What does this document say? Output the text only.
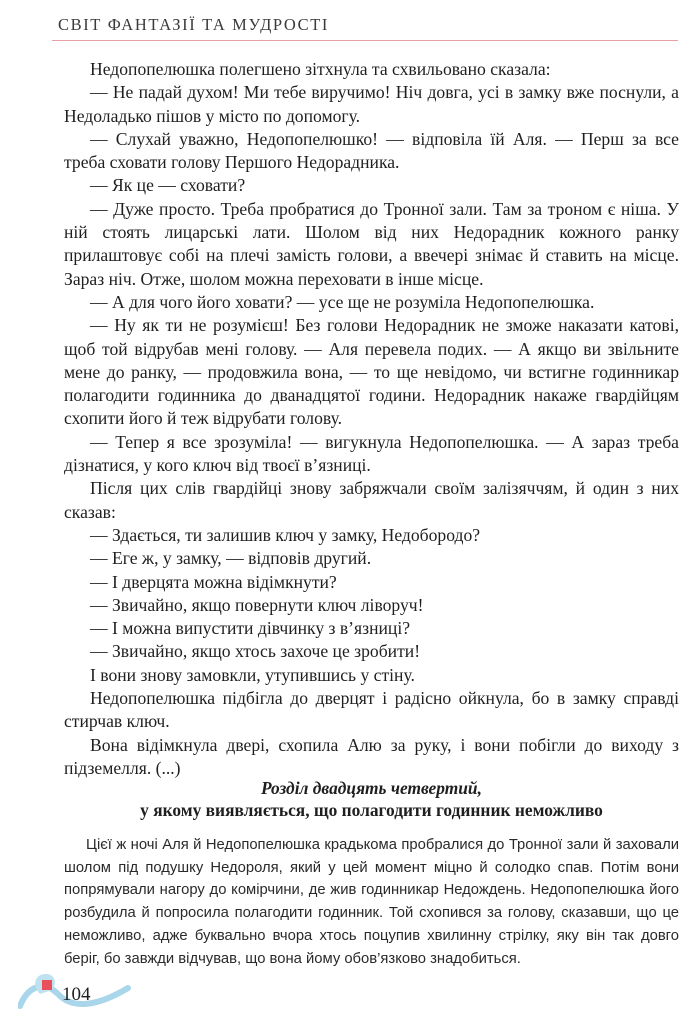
СВІТ ФАНТАЗІЇ ТА МУДРОСТІ

Недопопелюшка полегшено зітхнула та схвильовано сказала:

— Не падай духом! Ми тебе виручимо! Ніч довга, усі в замку вже поснули, а Недоладько пішов у місто по допомогу.

— Слухай уважно, Недопопелюшко! — відповіла їй Аля. — Перш за все треба сховати голову Першого Недорадника.

— Як це — сховати?

— Дуже просто. Треба пробратися до Тронної зали. Там за троном є ніша. У ній стоять лицарські лати. Шолом від них Недорадник кожного ранку прилаштовує собі на плечі замість голови, а ввечері знімає й ставить на місце. Зараз ніч. Отже, шолом можна переховати в інше місце.

— А для чого його ховати? — усе ще не розуміла Недопопелюшка.

— Ну як ти не розумієш! Без голови Недорадник не зможе наказати катові, щоб той відрубав мені голову. — Аля перевела подих. — А якщо ви звільните мене до ранку, — продовжила вона, — то ще невідомо, чи встигне годинникар полагодити годинника до дванадцятої години. Недорадник накаже гвардійцям схопити його й теж відрубати голову.

— Тепер я все зрозуміла! — вигукнула Недопопелюшка. — А зараз треба дізнатися, у кого ключ від твоєї в’язниці.

Після цих слів гвардійці знову забряжчали своїм залізяччям, й один з них сказав:

— Здається, ти залишив ключ у замку, Недобородо?

— Еге ж, у замку, — відповів другий.

— І дверцята можна відімкнути?

— Звичайно, якщо повернути ключ ліворуч!

— І можна випустити дівчинку з в’язниці?

— Звичайно, якщо хтось захоче це зробити!

І вони знову замовкли, утупившись у стіну.

Недопопелюшка підбігла до дверцят і радісно ойкнула, бо в замку справді стирчав ключ.

Вона відімкнула двері, схопила Алю за руку, і вони побігли до виходу з підземелля. (...)

Розділ двадцять четвертий,
у якому виявляється, що полагодити годинник неможливо

Цієї ж ночі Аля й Недопопелюшка крадькома пробралися до Тронної зали й заховали шолом під подушку Недороля, який у цей момент міцно й солодко спав. Потім вони попрямували нагору до комірчини, де жив годинникар Недождень. Недопопелюшка його розбудила й попросила полагодити годинник. Той схопився за голову, сказавши, що це неможливо, адже буквально вчора хтось поцупив хвилинну стрілку, яку він так довго беріг, бо завжди відчував, що вона йому обов’язково знадобиться.

104
